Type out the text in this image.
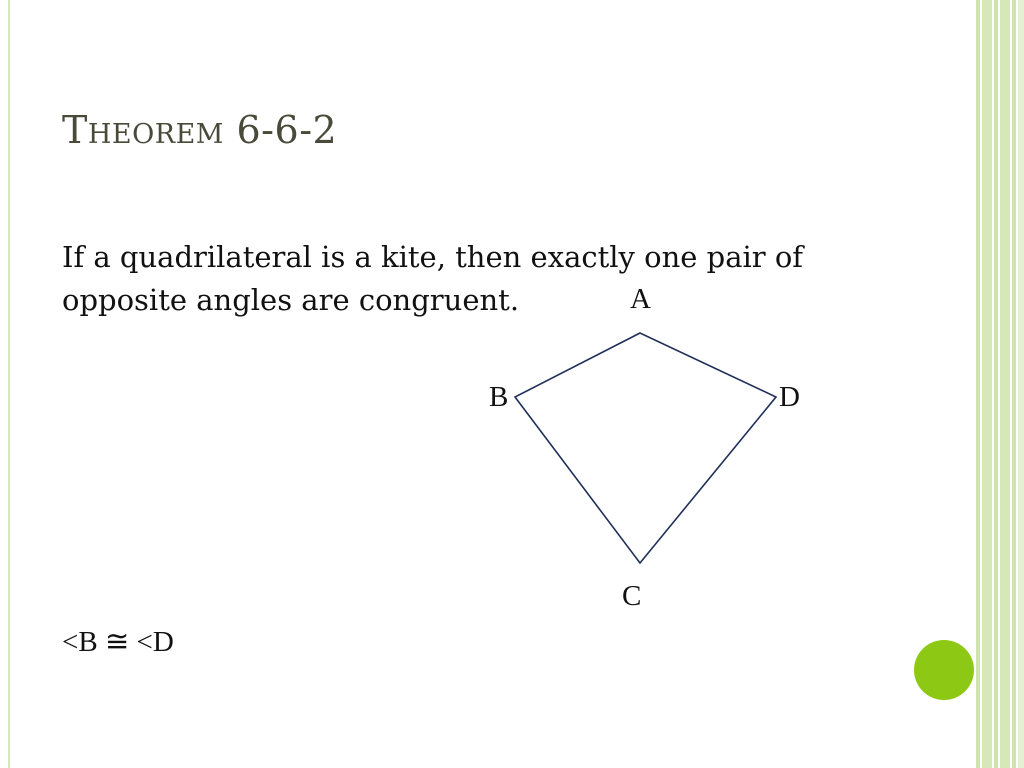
Theorem 6-6-2

If a quadrilateral is a kite, then exactly one pair of opposite angles are congruent.	A
B	D
C

<B ≅ <D
